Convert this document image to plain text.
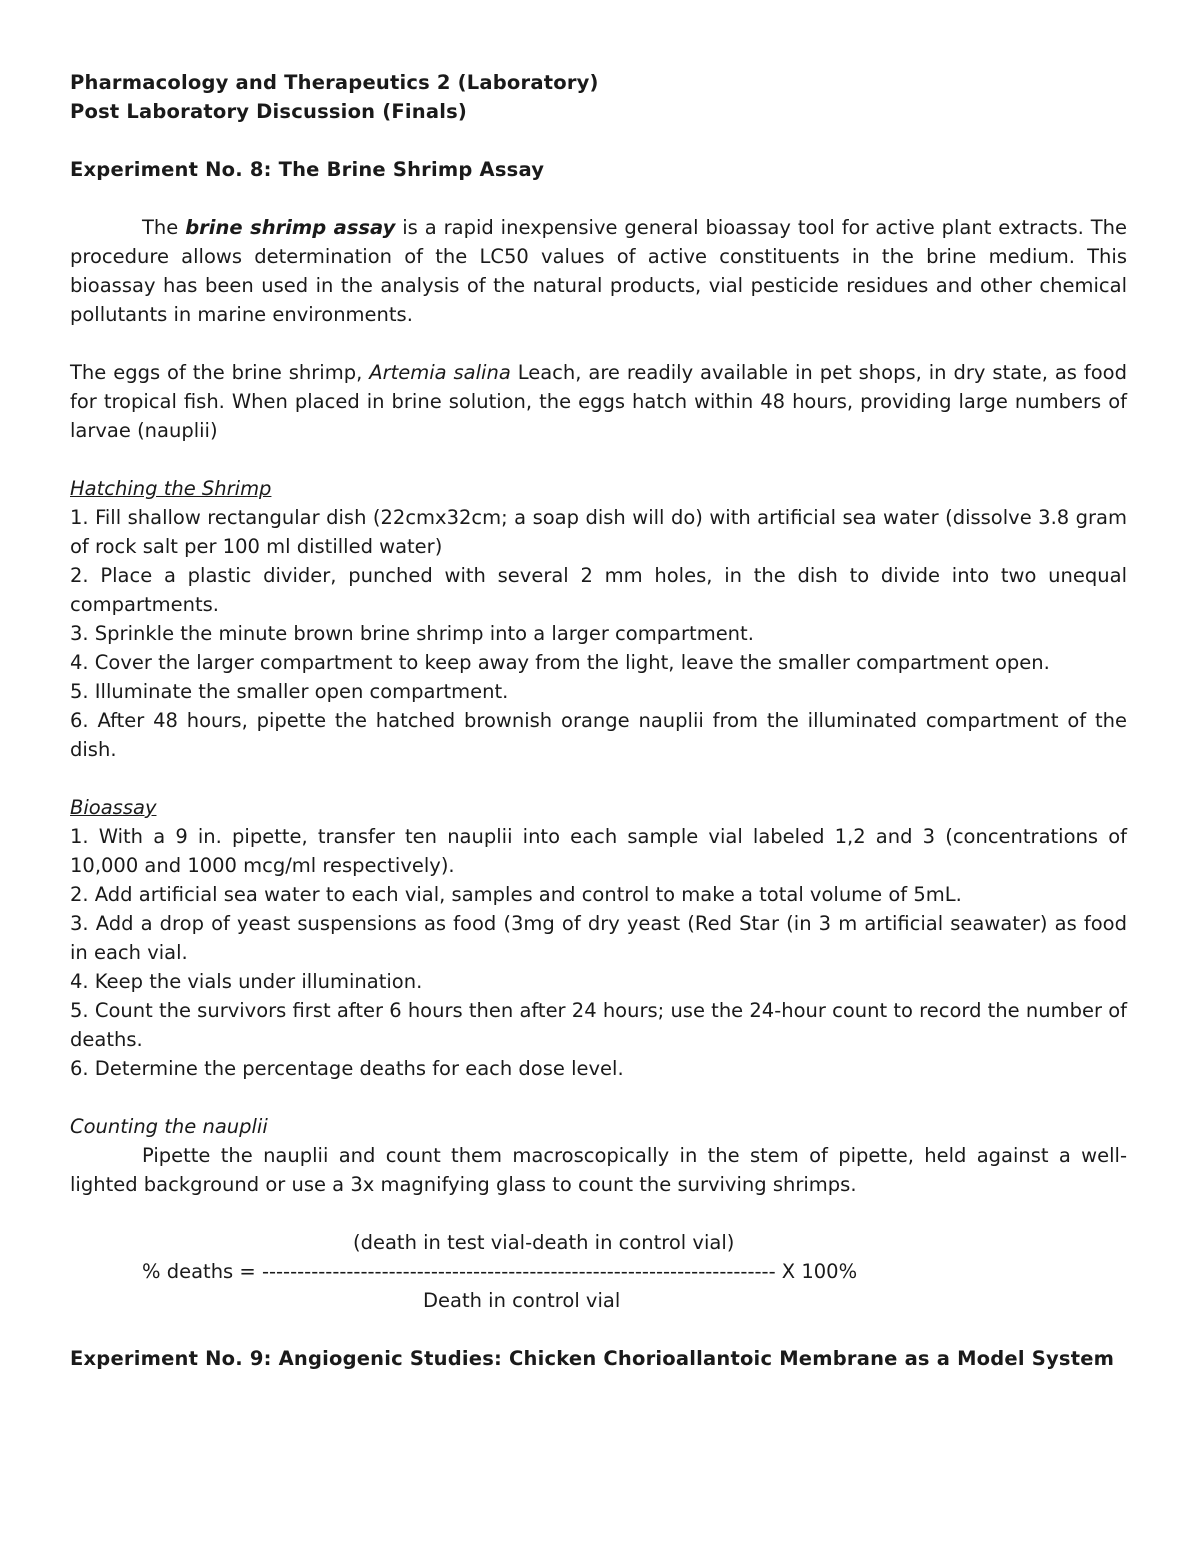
Pharmacology and Therapeutics 2 (Laboratory)
Post Laboratory Discussion (Finals)
Experiment No. 8: The Brine Shrimp Assay
The brine shrimp assay is a rapid inexpensive general bioassay tool for active plant extracts. The procedure allows determination of the LC50 values of active constituents in the brine medium. This bioassay has been used in the analysis of the natural products, vial pesticide residues and other chemical pollutants in marine environments.
The eggs of the brine shrimp, Artemia salina Leach, are readily available in pet shops, in dry state, as food for tropical fish. When placed in brine solution, the eggs hatch within 48 hours, providing large numbers of larvae (nauplii)
Hatching the Shrimp
1. Fill shallow rectangular dish (22cmx32cm; a soap dish will do) with artificial sea water (dissolve 3.8 gram of rock salt per 100 ml distilled water)
2. Place a plastic divider, punched with several 2 mm holes, in the dish to divide into two unequal compartments.
3. Sprinkle the minute brown brine shrimp into a larger compartment.
4. Cover the larger compartment to keep away from the light, leave the smaller compartment open.
5. Illuminate the smaller open compartment.
6. After 48 hours, pipette the hatched brownish orange nauplii from the illuminated compartment of the dish.
Bioassay
1. With a 9 in. pipette, transfer ten nauplii into each sample vial labeled 1,2 and 3 (concentrations of 10,000 and 1000 mcg/ml respectively).
2. Add artificial sea water to each vial, samples and control to make a total volume of 5mL.
3. Add a drop of yeast suspensions as food (3mg of dry yeast (Red Star (in 3 m artificial seawater) as food in each vial.
4. Keep the vials under illumination.
5. Count the survivors first after 6 hours then after 24 hours; use the 24-hour count to record the number of deaths.
6. Determine the percentage deaths for each dose level.
Counting the nauplii
Pipette the nauplii and count them macroscopically in the stem of pipette, held against a well-lighted background or use a 3x magnifying glass to count the surviving shrimps.
(death in test vial-death in control vial)
% deaths = ------------------------------------------------------------------------- X 100%
Death in control vial
Experiment No. 9: Angiogenic Studies: Chicken Chorioallantoic Membrane as a Model System
